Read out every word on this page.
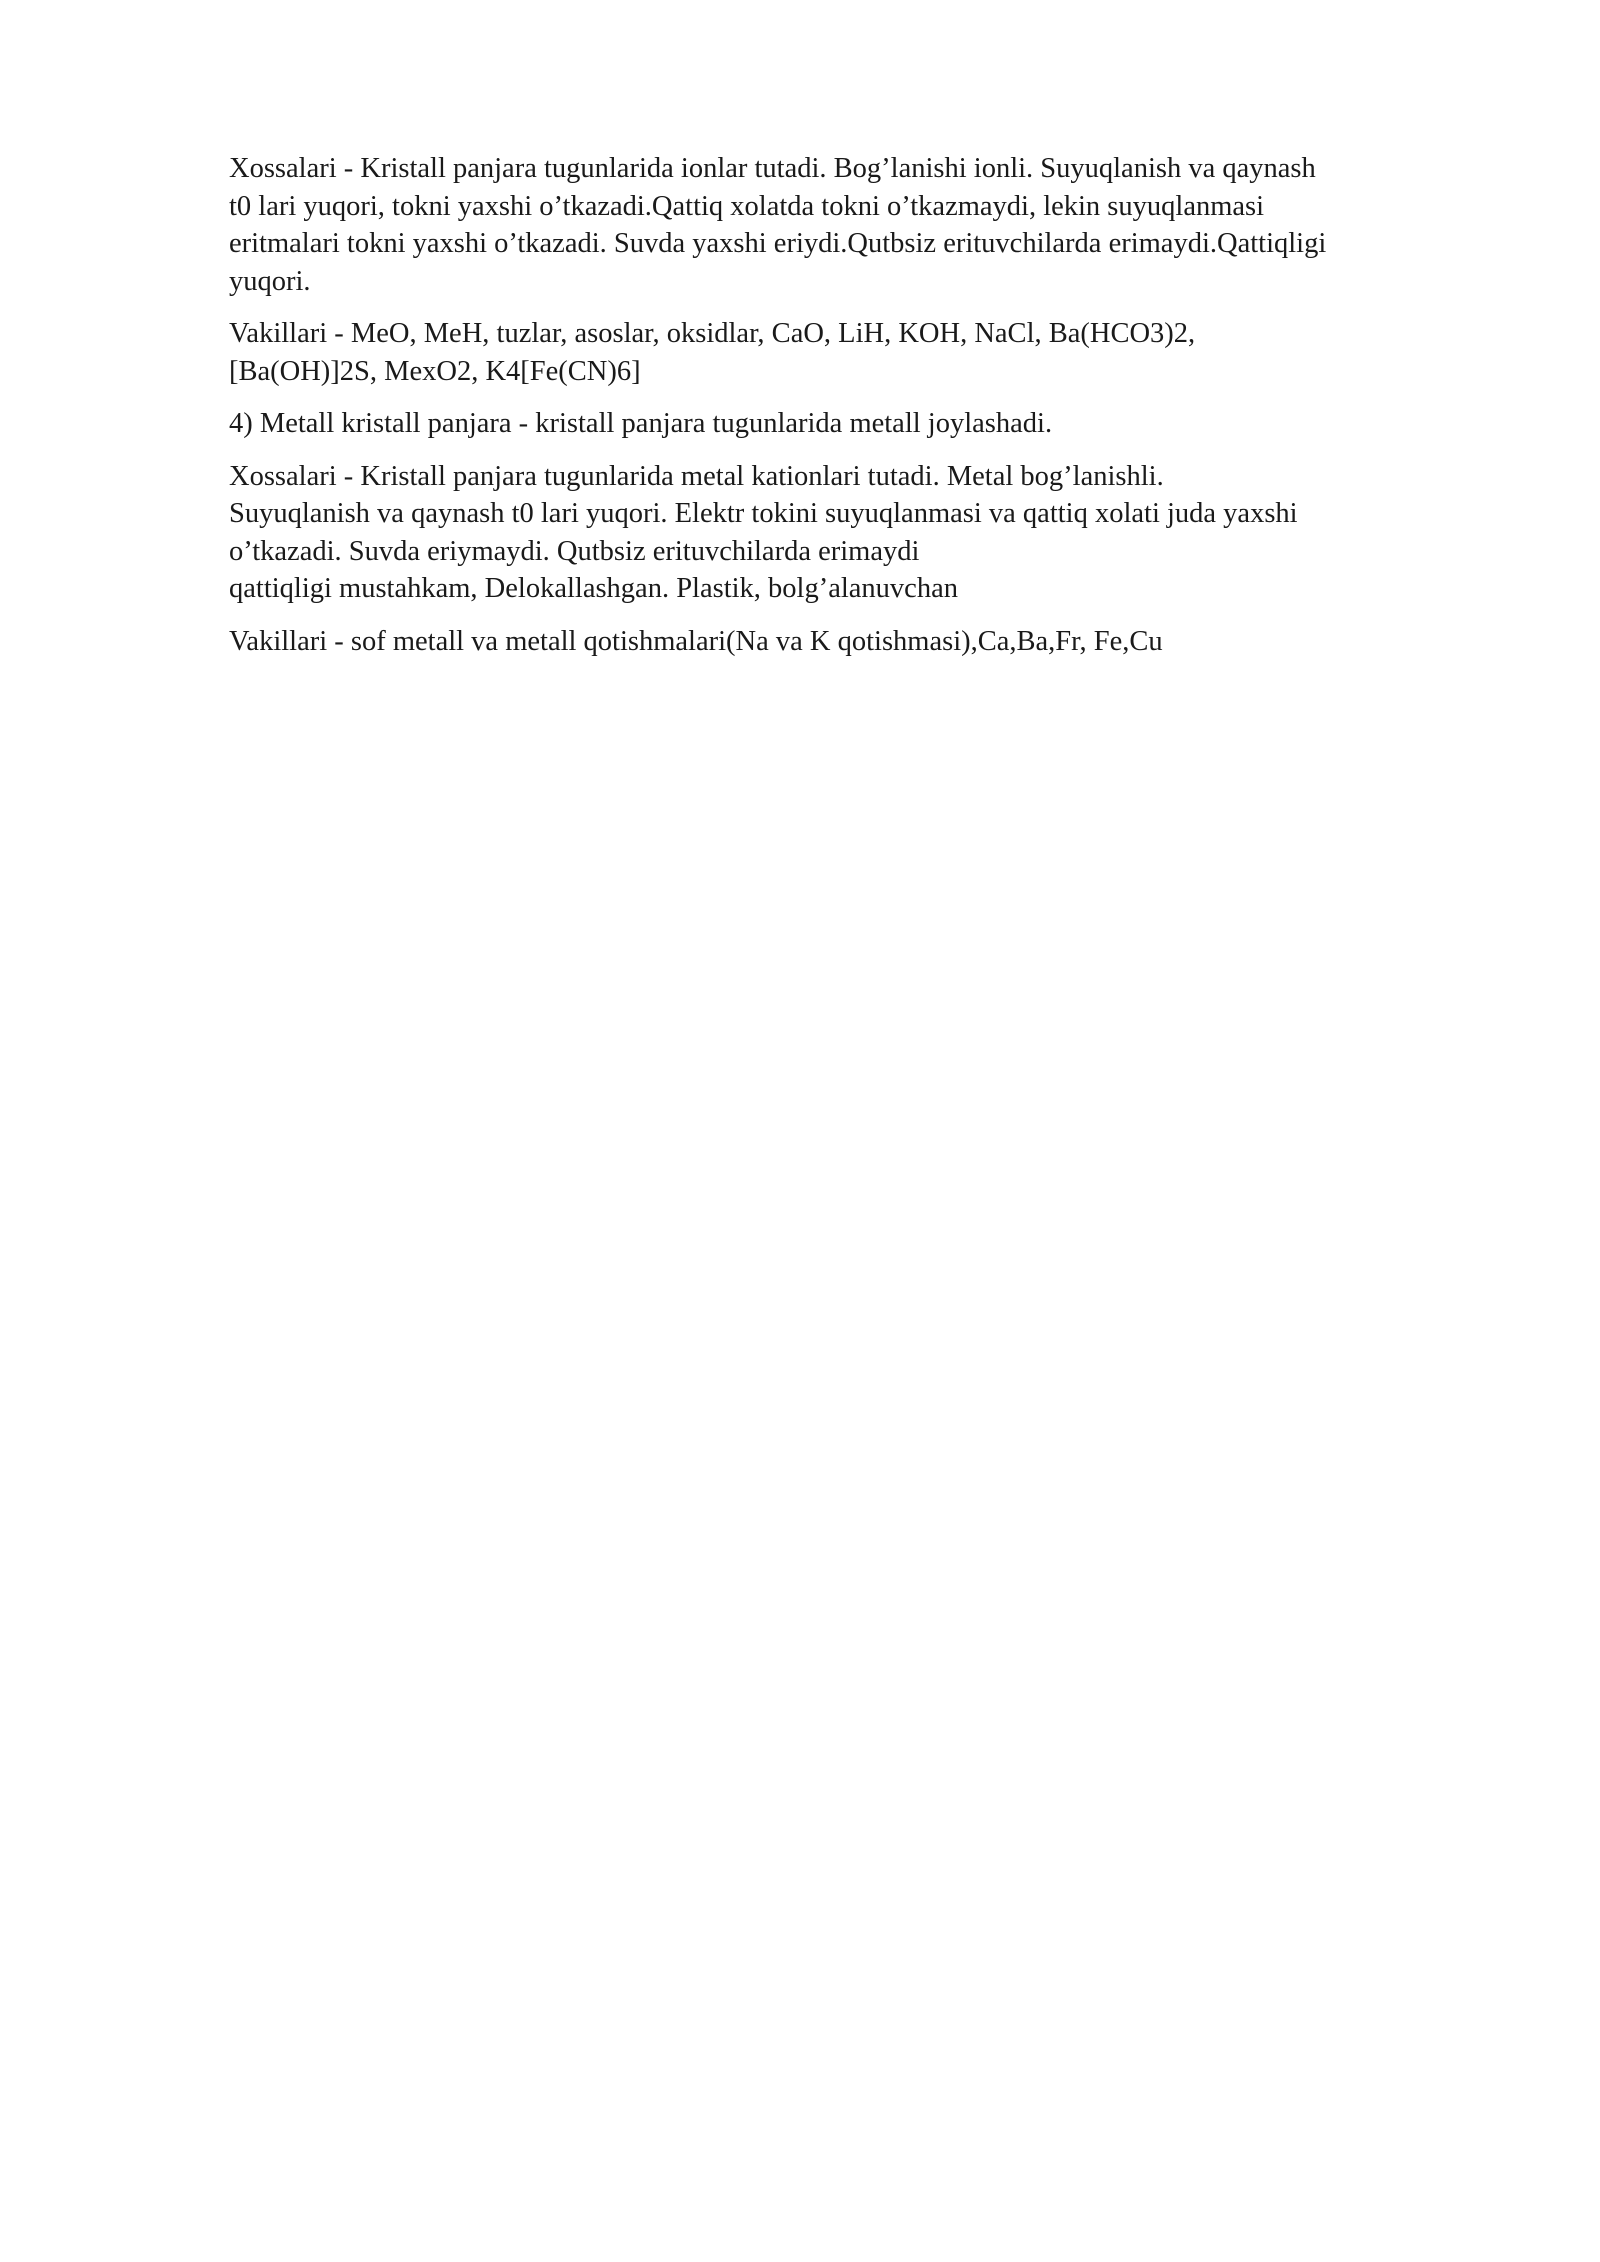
Xossalari - Kristall panjara tugunlarida ionlar tutadi. Bog’lanishi ionli. Suyuqlanish va qaynash
t0 lari yuqori, tokni yaxshi o’tkazadi.Qattiq xolatda tokni o’tkazmaydi, lekin suyuqlanmasi
eritmalari tokni yaxshi o’tkazadi. Suvda yaxshi eriydi.Qutbsiz erituvchilarda erimaydi.Qattiqligi
yuqori.

Vakillari - MeO, MeH, tuzlar, asoslar, oksidlar, CaO, LiH, KOH, NaCl, Ba(HCO3)2,
[Ba(OH)]2S, MexO2, K4[Fe(CN)6]

4) Metall kristall panjara - kristall panjara tugunlarida metall joylashadi.

Xossalari - Kristall panjara tugunlarida metal kationlari tutadi. Metal bog’lanishli.
Suyuqlanish va qaynash t0 lari yuqori. Elektr tokini suyuqlanmasi va qattiq xolati juda yaxshi
o’tkazadi. Suvda eriymaydi. Qutbsiz erituvchilarda erimaydi
qattiqligi mustahkam, Delokallashgan. Plastik, bolg’alanuvchan

Vakillari - sof metall va metall qotishmalari(Na va K qotishmasi),Ca,Ba,Fr, Fe,Cu
